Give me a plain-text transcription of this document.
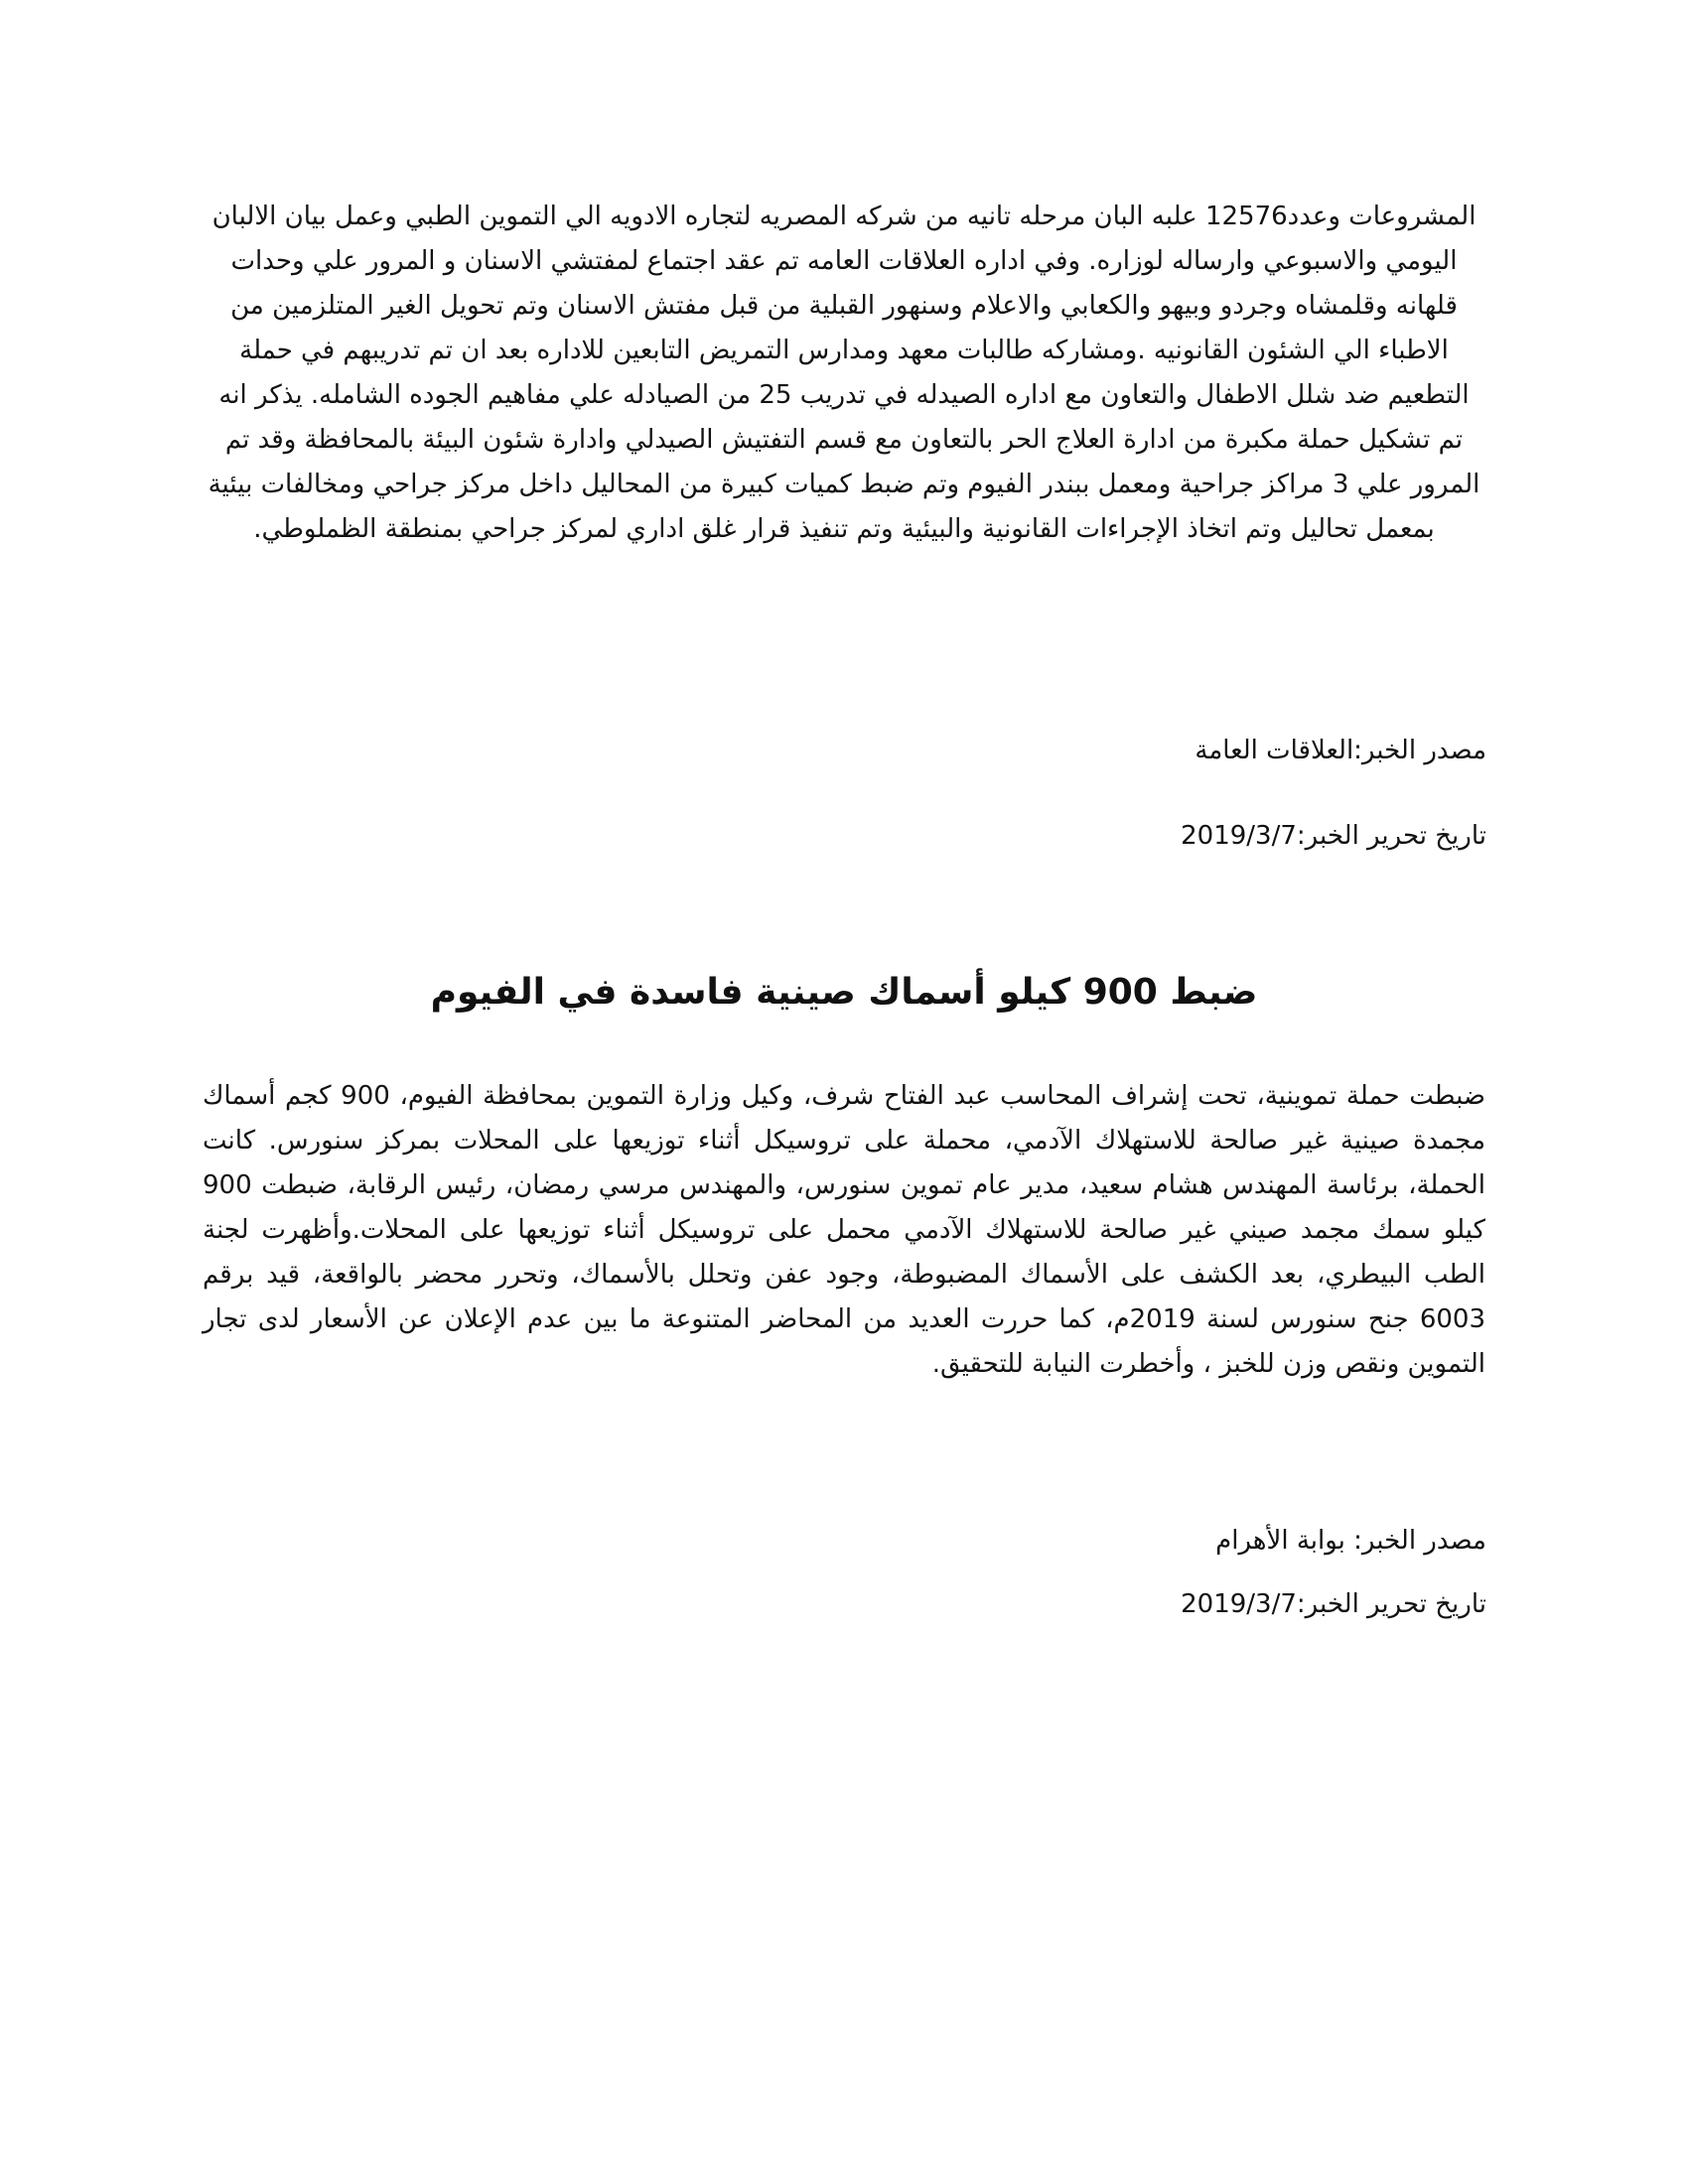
المشروعات وعدد12576 علبه البان مرحله تانيه من شركه المصريه لتجاره الادويه الي التموين الطبي وعمل بيان الالبان اليومي والاسبوعي وارساله لوزاره. وفي اداره العلاقات العامه تم عقد اجتماع لمفتشي الاسنان و المرور علي وحدات قلهانه وقلمشاه وجردو وبيهو والكعابي والاعلام وسنهور القبلية من قبل مفتش الاسنان وتم تحويل الغير المتلزمين من الاطباء الي الشئون القانونيه .ومشاركه طالبات معهد ومدارس التمريض التابعين للاداره بعد ان تم تدريبهم في حملة التطعيم ضد شلل الاطفال والتعاون مع اداره الصيدله في تدريب 25 من الصيادله علي مفاهيم الجوده الشامله. يذكر انه تم تشكيل حملة مكبرة من ادارة العلاج الحر بالتعاون مع قسم التفتيش الصيدلي وادارة شئون البيئة بالمحافظة وقد تم المرور علي 3 مراكز جراحية ومعمل ببندر الفيوم وتم ضبط كميات كبيرة من المحاليل داخل مركز جراحي ومخالفات بيئية بمعمل تحاليل وتم اتخاذ الإجراءات القانونية والبيئية وتم تنفيذ قرار غلق اداري لمركز جراحي بمنطقة الظملوطي.

مصدر الخبر:العلاقات العامة

تاريخ تحرير الخبر:2019/3/7

ضبط 900 كيلو أسماك صينية فاسدة في الفيوم

ضبطت حملة تموينية، تحت إشراف المحاسب عبد الفتاح شرف، وكيل وزارة التموين بمحافظة الفيوم، 900 كجم أسماك مجمدة صينية غير صالحة للاستهلاك الآدمي، محملة على تروسيكل أثناء توزيعها على المحلات بمركز سنورس. كانت الحملة، برئاسة المهندس هشام سعيد، مدير عام تموين سنورس، والمهندس مرسي رمضان، رئيس الرقابة، ضبطت 900 كيلو سمك مجمد صيني غير صالحة للاستهلاك الآدمي محمل على تروسيكل أثناء توزيعها على المحلات.وأظهرت لجنة الطب البيطري، بعد الكشف على الأسماك المضبوطة، وجود عفن وتحلل بالأسماك، وتحرر محضر بالواقعة، قيد برقم 6003 جنح سنورس لسنة 2019م، كما حررت العديد من المحاضر المتنوعة ما بين عدم الإعلان عن الأسعار لدى تجار التموين ونقص وزن للخبز ، وأخطرت النيابة للتحقيق.

مصدر الخبر: بوابة الأهرام

تاريخ تحرير الخبر:2019/3/7
